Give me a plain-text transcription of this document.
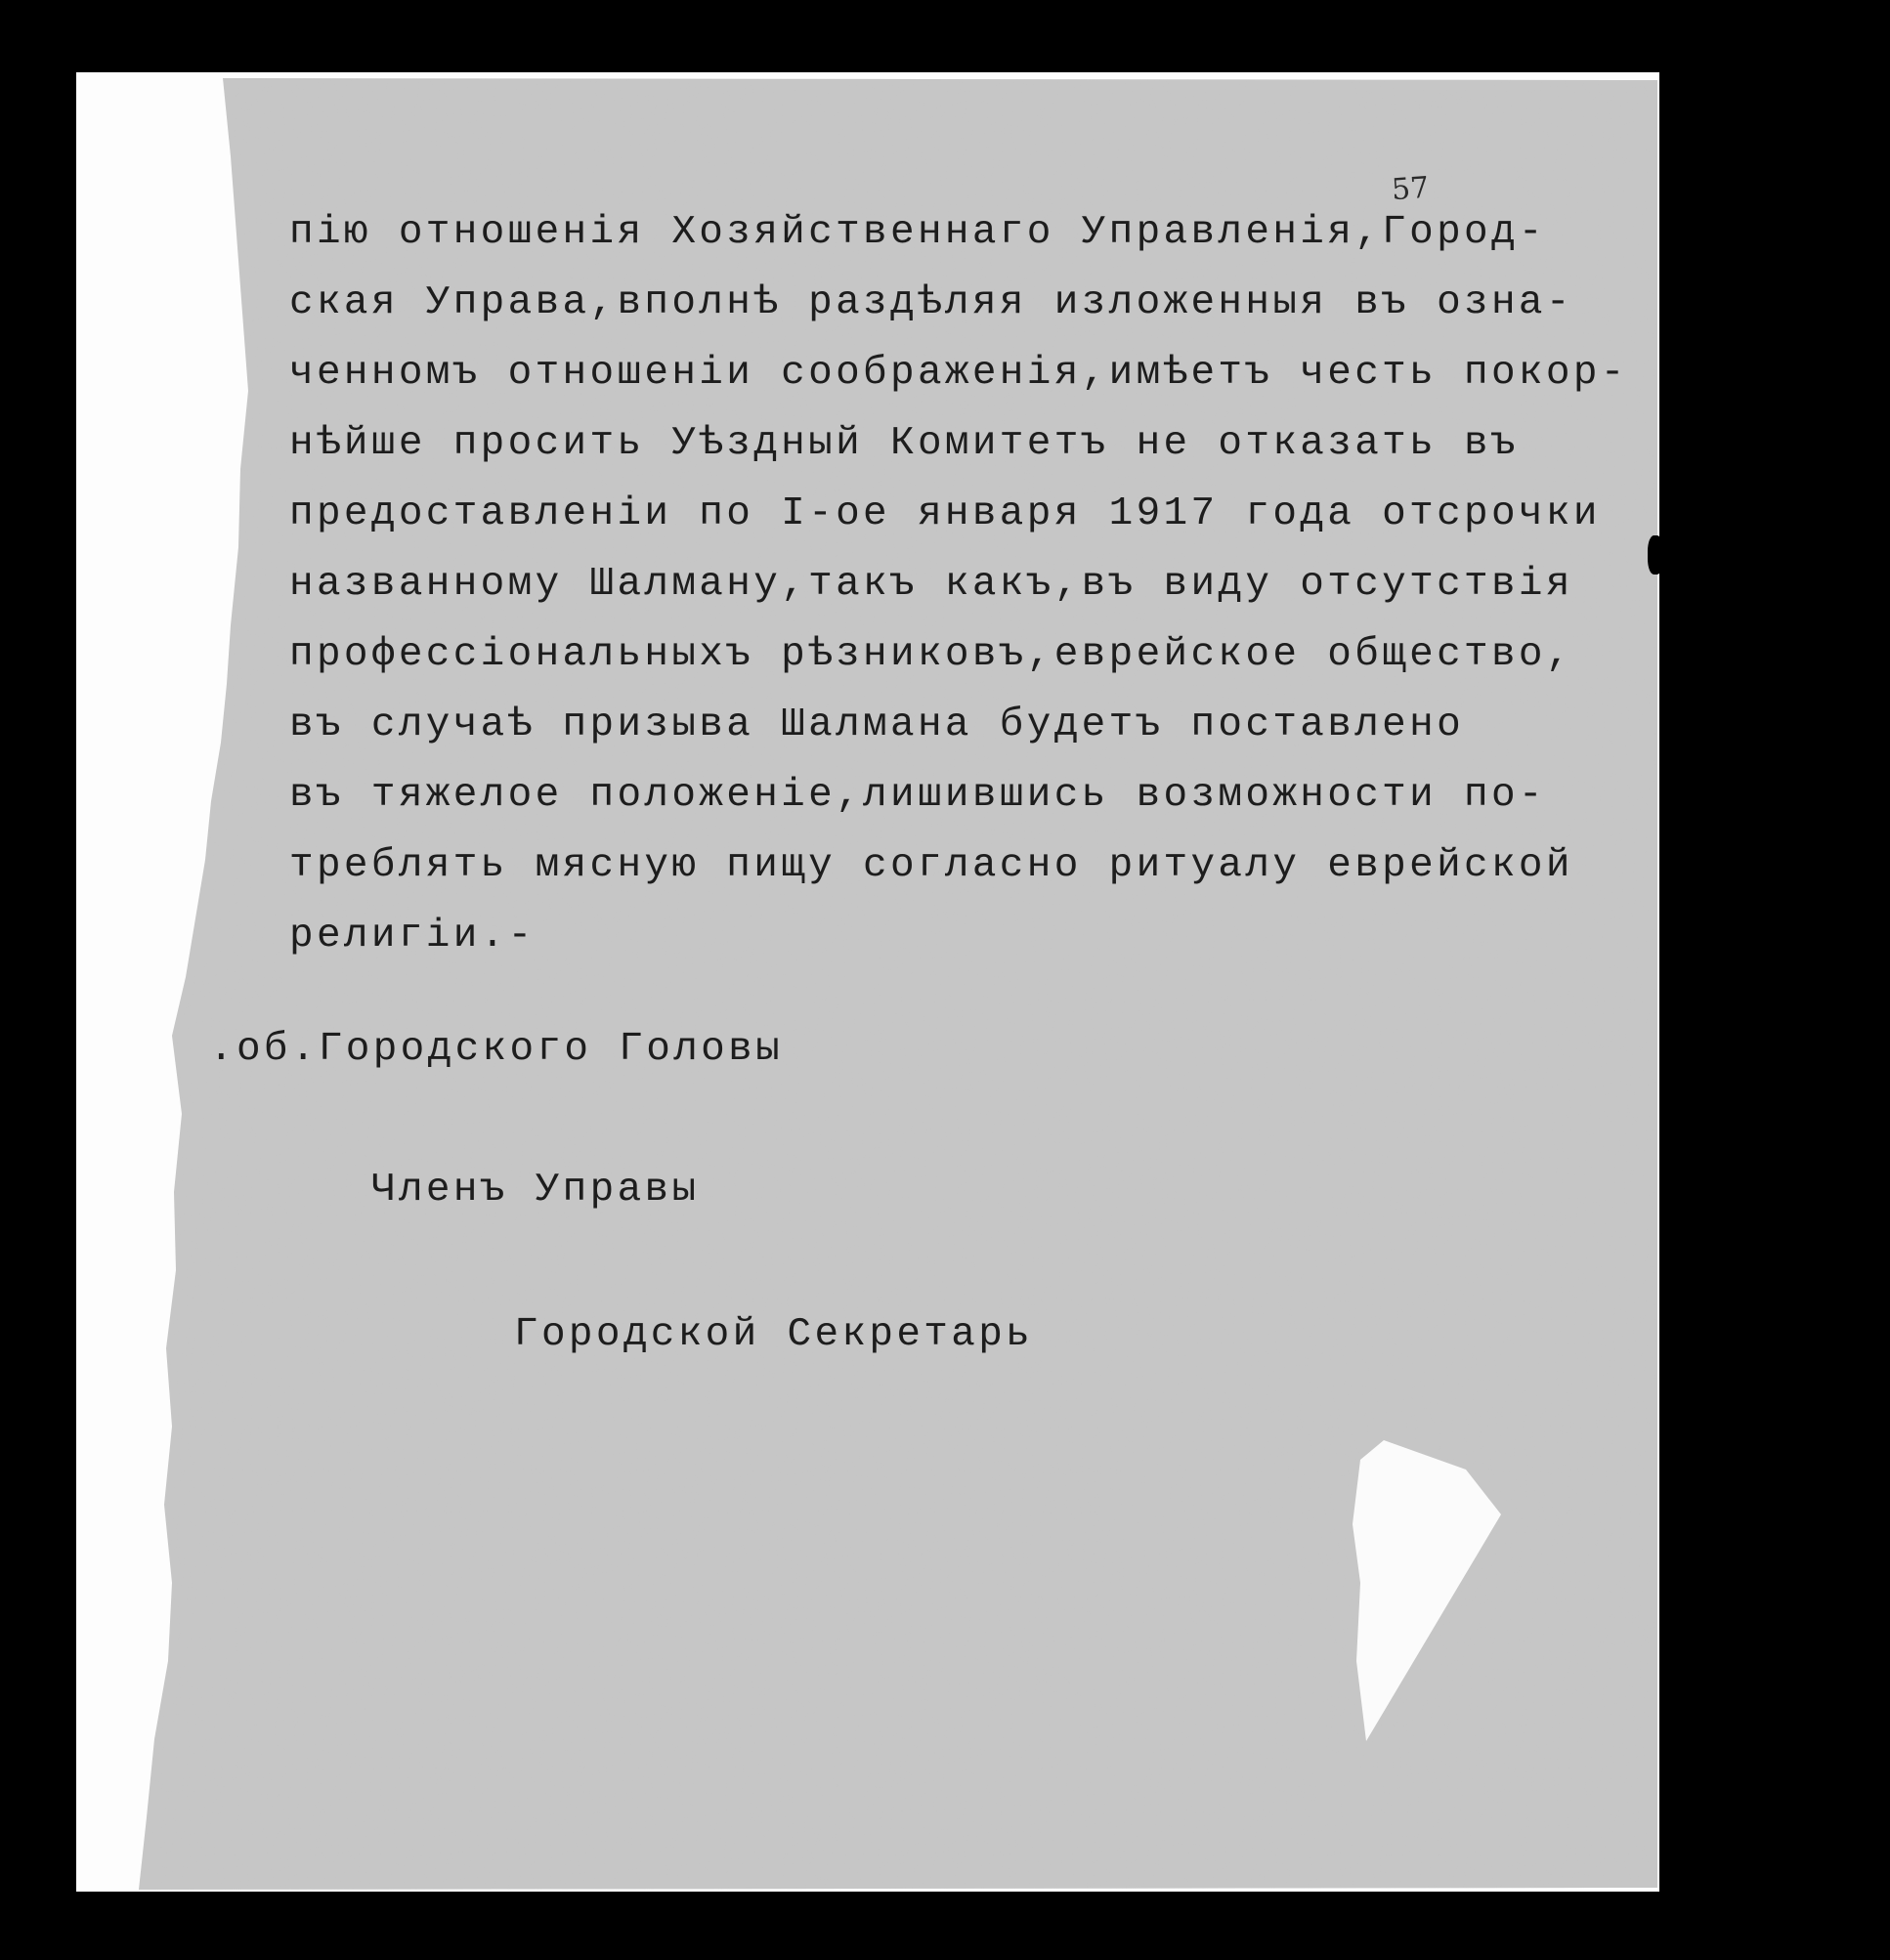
57
пію отношенія Хозяйственнаго Управленія,Город-
ская Управа,вполнѣ раздѣляя изложенныя въ озна-
ченномъ отношеніи соображенія,имѣетъ честь покор-
нѣйше просить Уѣздный Комитетъ не отказать въ
предоставленіи по I-ое января 1917 года отсрочки
названному Шалману,такъ какъ,въ виду отсутствія
профессіональныхъ рѣзниковъ,еврейское общество,
въ случаѣ призыва Шалмана будетъ поставлено
въ тяжелое положеніе,лишившись возможности по-
треблять мясную пищу согласно ритуалу еврейской
религіи.-
.об.Городского Головы
Членъ Управы
Городской Секретарь
